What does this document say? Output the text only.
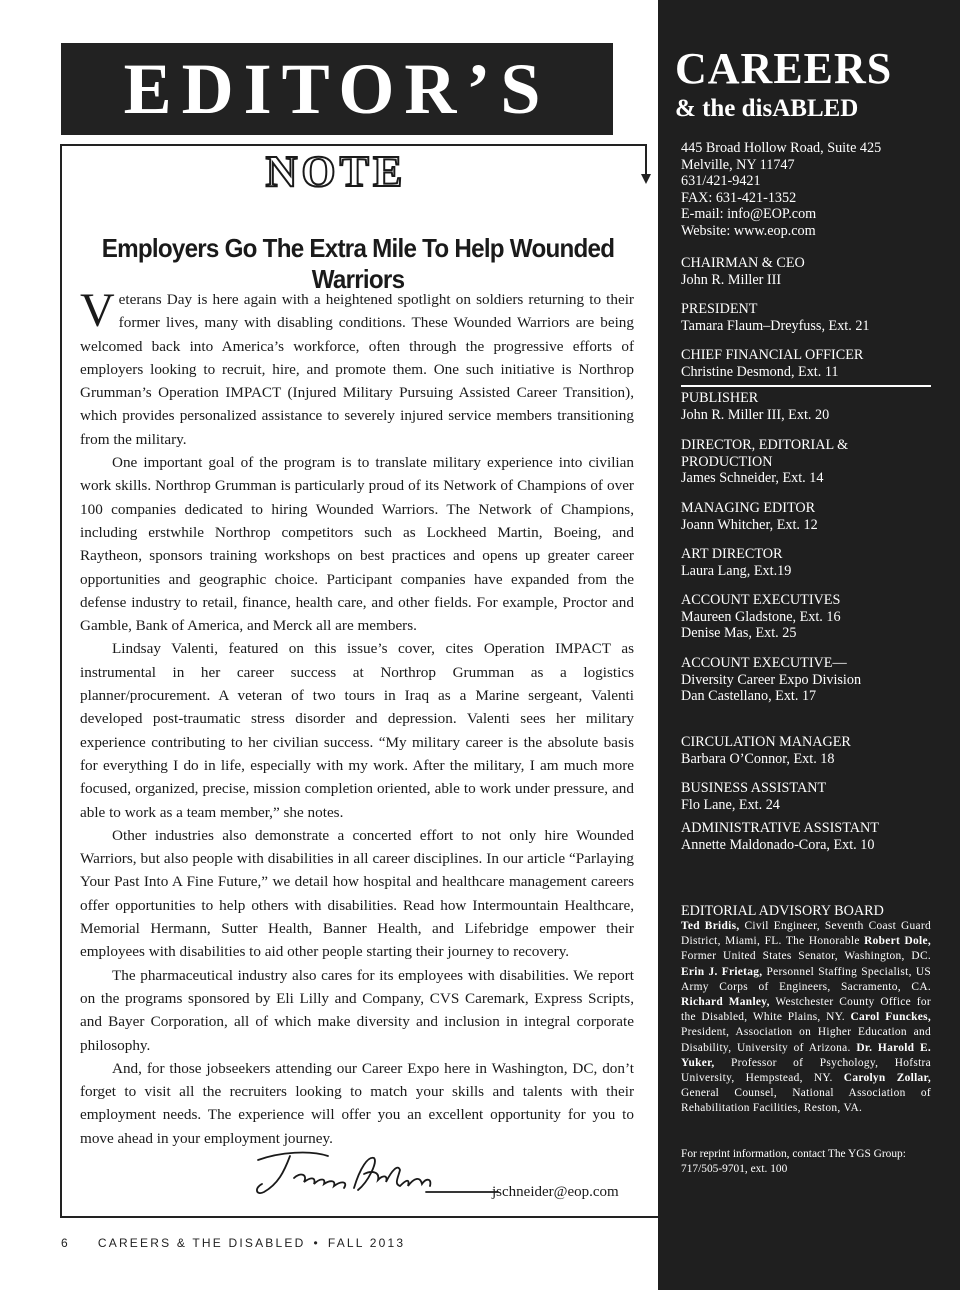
EDITOR’S
NOTE
Employers Go The Extra Mile To Help Wounded Warriors

Veterans Day is here again with a heightened spotlight on soldiers returning to their former lives, many with disabling conditions. These Wounded Warriors are being welcomed back into America’s workforce, often through the progressive efforts of employers looking to recruit, hire, and promote them. One such initiative is Northrop Grumman’s Operation IMPACT (Injured Military Pursuing Assisted Career Transition), which provides personalized assistance to severely injured service members transitioning from the military.

One important goal of the program is to translate military experience into civilian work skills. Northrop Grumman is particularly proud of its Network of Champions of over 100 companies dedicated to hiring Wounded Warriors. The Network of Champions, including erstwhile Northrop competitors such as Lockheed Martin, Boeing, and Raytheon, sponsors training workshops on best practices and opens up greater career opportunities and geographic choice. Participant companies have expanded from the defense industry to retail, finance, health care, and other fields. For example, Proctor and Gamble, Bank of America, and Merck all are members.

Lindsay Valenti, featured on this issue’s cover, cites Operation IMPACT as instrumental in her career success at Northrop Grumman as a logistics planner/procurement. A veteran of two tours in Iraq as a Marine sergeant, Valenti developed post-traumatic stress disorder and depression. Valenti sees her military experience contributing to her civilian success. “My military career is the absolute basis for everything I do in life, especially with my work. After the military, I am much more focused, organized, precise, mission completion oriented, able to work under pressure, and able to work as a team member,” she notes.

Other industries also demonstrate a concerted effort to not only hire Wounded Warriors, but also people with disabilities in all career disciplines. In our article “Parlaying Your Past Into A Fine Future,” we detail how hospital and healthcare management careers offer opportunities to help others with disabilities. Read how Intermountain Healthcare, Memorial Hermann, Sutter Health, Banner Health, and Lifebridge empower their employees with disabilities to aid other people starting their journey to recovery.

The pharmaceutical industry also cares for its employees with disabilities. We report on the programs sponsored by Eli Lilly and Company, CVS Caremark, Express Scripts, and Bayer Corporation, all of which make diversity and inclusion in integral corporate philosophy.

And, for those jobseekers attending our Career Expo here in Washington, DC, don’t forget to visit all the recruiters looking to match your skills and talents with their employment needs. The experience will offer you an excellent opportunity for you to move ahead in your employment journey.

jschneider@eop.com
6 CAREERS & THE DISABLED • FALL 2013
CAREERS
& the disABLED
445 Broad Hollow Road, Suite 425
Melville, NY 11747
631/421-9421
FAX: 631-421-1352
E-mail: info@EOP.com
Website: www.eop.com
CHAIRMAN & CEO
John R. Miller III
PRESIDENT
Tamara Flaum–Dreyfuss, Ext. 21
CHIEF FINANCIAL OFFICER
Christine Desmond, Ext. 11
PUBLISHER
John R. Miller III, Ext. 20
DIRECTOR, EDITORIAL &
PRODUCTION
James Schneider, Ext. 14
MANAGING EDITOR
Joann Whitcher, Ext. 12
ART DIRECTOR
Laura Lang, Ext.19
ACCOUNT EXECUTIVES
Maureen Gladstone, Ext. 16
Denise Mas, Ext. 25
ACCOUNT EXECUTIVE—
Diversity Career Expo Division
Dan Castellano, Ext. 17
CIRCULATION MANAGER
Barbara O’Connor, Ext. 18
BUSINESS ASSISTANT
Flo Lane, Ext. 24
ADMINISTRATIVE ASSISTANT
Annette Maldonado-Cora, Ext. 10
EDITORIAL ADVISORY BOARD
Ted Bridis, Civil Engineer, Seventh Coast Guard District, Miami, FL. The Honorable Robert Dole, Former United States Senator, Washington, DC. Erin J. Frietag, Personnel Staffing Specialist, US Army Corps of Engineers, Sacramento, CA. Richard Manley, Westchester County Office for the Disabled, White Plains, NY. Carol Funckes, President, Association on Higher Education and Disability, University of Arizona. Dr. Harold E. Yuker, Professor of Psychology, Hofstra University, Hempstead, NY. Carolyn Zollar, General Counsel, National Association of Rehabilitation Facilities, Reston, VA.
For reprint information, contact The YGS Group: 717/505-9701, ext. 100
